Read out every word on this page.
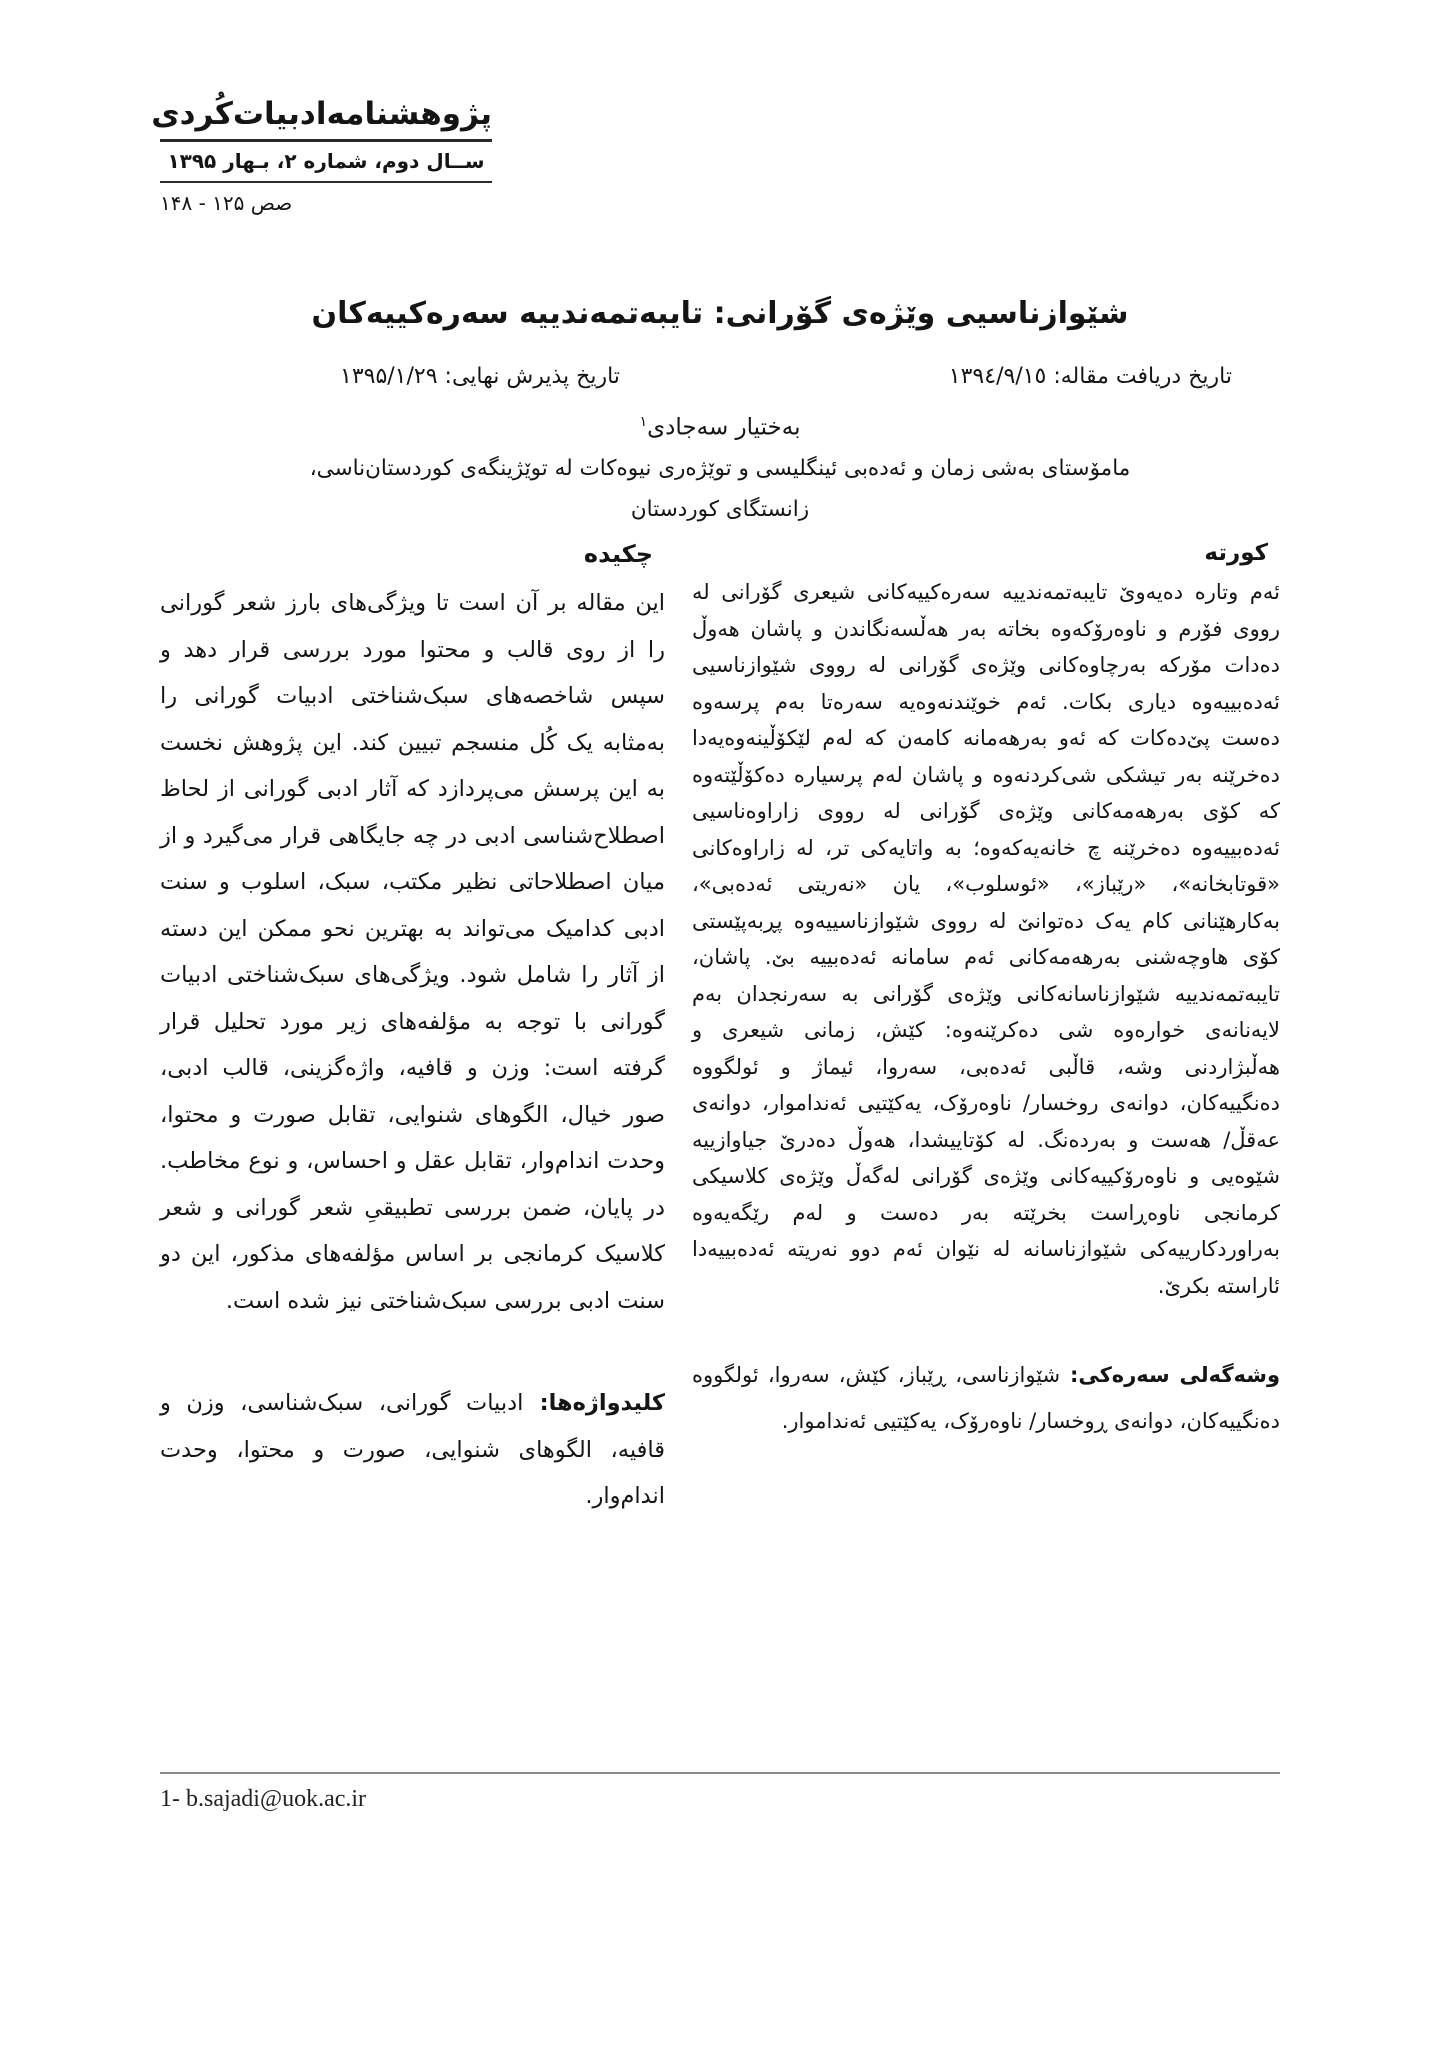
پژوهشنامه‌ادبیات‌کُردی
ســال دوم، شماره ۲، بـهار ۱۳۹۵
صص ۱۲۵ - ۱۴۸
شێوازناسیی وێژەی گۆرانی: تایبەتمەندییە سەرەکییەکان
تاریخ دریافت مقاله: ١٣٩٤/٩/١٥
تاریخ پذیرش نهایی: ۱۳۹۵/۱/۲۹
بەختیار سەجادی$^۱$
مامۆستای بەشی زمان و ئەدەبی ئینگلیسی و توێژەری نیوەکات لە توێژینگەی کوردستان‌ناسی،
زانستگای کوردستان
کورتە
ئەم وتارە دەیەوێ تایبەتمەندییە سەرەکییەکانی شیعری گۆرانی لە رووی فۆرم و ناوەرۆکەوە بخاتە بەر هەڵسەنگاندن و پاشان هەوڵ دەدات مۆرکە بەرچاوەکانی وێژەی گۆرانی لە رووی شێوازناسیی ئەدەبییەوە دیاری بکات. ئەم خوێندنەوەیە سەرەتا بەم پرسەوە دەست پێ‌دەکات کە ئەو بەرهەمانە کامەن کە لەم لێکۆڵینەوەیەدا دەخرێنە بەر تیشکی شی‌کردنەوە و پاشان لەم پرسیارە دەکۆڵێتەوە کە کۆی بەرهەمەکانی وێژەی گۆرانی لە رووی زاراوەناسیی ئەدەبییەوە دەخرێنە چ خانەیەکەوە؛ بە واتایەکی تر، لە زاراوەکانی «قوتابخانە»، «رێباز»، «ئوسلوب»، یان «نەریتی ئەدەبی»، بەکارهێنانی کام یەک دەتوانێ لە رووی شێوازناسییەوە پڕبەپێستی کۆی هاوچەشنی بەرهەمەکانی ئەم سامانە ئەدەبییە بێ. پاشان، تایبەتمەندییە شێوازناسانەکانی وێژەی گۆرانی بە سەرنجدان بەم لایەنانەی خوارەوە شی دەکرێنەوە: کێش، زمانی شیعری و هەڵبژاردنی وشە، قاڵبی ئەدەبی، سەروا، ئیماژ و ئولگووە دەنگییەکان، دوانەی روخسار/ ناوەرۆک، یەکێتیی ئەنداموار، دوانەی عەقڵ/ هەست و بەردەنگ. لە کۆتاییشدا، هەوڵ دەدرێ جیاوازییە شێوەیی و ناوەرۆکییەکانی وێژەی گۆرانی لەگەڵ وێژەی کلاسیکی کرمانجی ناوەڕاست بخرێتە بەر دەست و لەم رێگەیەوە بەراوردکارییەکی شێوازناسانە لە نێوان ئەم دوو نەریتە ئەدەبییەدا ئاراستە بکرێ.
وشەگەلی سەرەکی: شێوازناسی، ڕێباز، کێش، سەروا، ئولگووە دەنگییەکان، دوانەی ڕوخسار/ ناوەرۆک، یەکێتیی ئەنداموار.
چکیده
این مقاله بر آن است تا ویژگی‌های بارز شعر گورانی را از روی قالب و محتوا مورد بررسی قرار دهد و سپس شاخصه‌های سبک‌شناختی ادبیات گورانی را به‌مثابه یک کُل منسجم تبیین کند. این پژوهش نخست به این پرسش می‌پردازد که آثار ادبی گورانی از لحاظ اصطلاح‌شناسی ادبی در چه جایگاهی قرار می‌گیرد و از میان اصطلاحاتی نظیر مکتب، سبک، اسلوب و سنت ادبی کدامیک می‌تواند به بهترین نحو ممکن این دسته از آثار را شامل شود. ویژگی‌های سبک‌شناختی ادبیات گورانی با توجه به مؤلفه‌های زیر مورد تحلیل قرار گرفته است: وزن و قافیه، واژه‌گزینی، قالب ادبی، صور خیال، الگوهای شنوایی، تقابل صورت و محتوا، وحدت اندام‌وار، تقابل عقل و احساس، و نوع مخاطب. در پایان، ضمن بررسی تطبیقیِ شعر گورانی و شعر کلاسیک کرمانجی بر اساس مؤلفه‌های مذکور، این دو سنت ادبی بررسی سبک‌شناختی نیز شده است.
کلیدواژه‌ها: ادبیات گورانی، سبک‌شناسی، وزن و قافیه، الگوهای شنوایی، صورت و محتوا، وحدت اندام‌وار.
1- b.sajadi@uok.ac.ir
